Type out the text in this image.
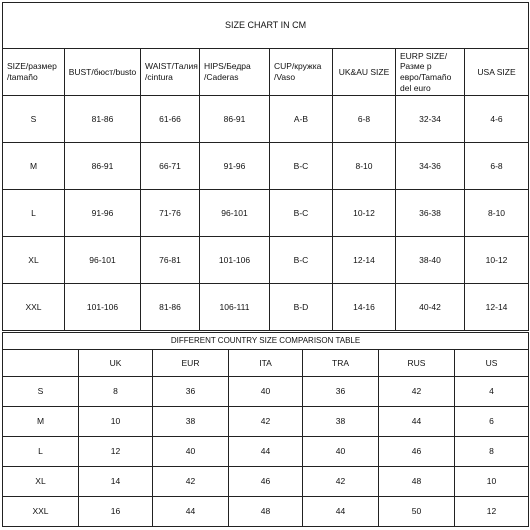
SIZE CHART IN CM							
SIZE/размер /tamaño	BUST/бюст/busto	WAIST/Талия /cintura	HIPS/Бедра /Caderas	CUP/кружка /Vaso	UK&AU SIZE	EURP SIZE/Разме р евро/Tamaño del euro	USA SIZE
S	81-86	61-66	86-91	A-B	6-8	32-34	4-6
M	86-91	66-71	91-96	B-C	8-10	34-36	6-8
L	91-96	71-76	96-101	B-C	10-12	36-38	8-10
XL	96-101	76-81	101-106	B-C	12-14	38-40	10-12
XXL	101-106	81-86	106-111	B-D	14-16	40-42	12-14
DIFFERENT COUNTRY SIZE COMPARISON TABLE						
	UK	EUR	ITA	TRA	RUS	US
S	8	36	40	36	42	4
M	10	38	42	38	44	6
L	12	40	44	40	46	8
XL	14	42	46	42	48	10
XXL	16	44	48	44	50	12
